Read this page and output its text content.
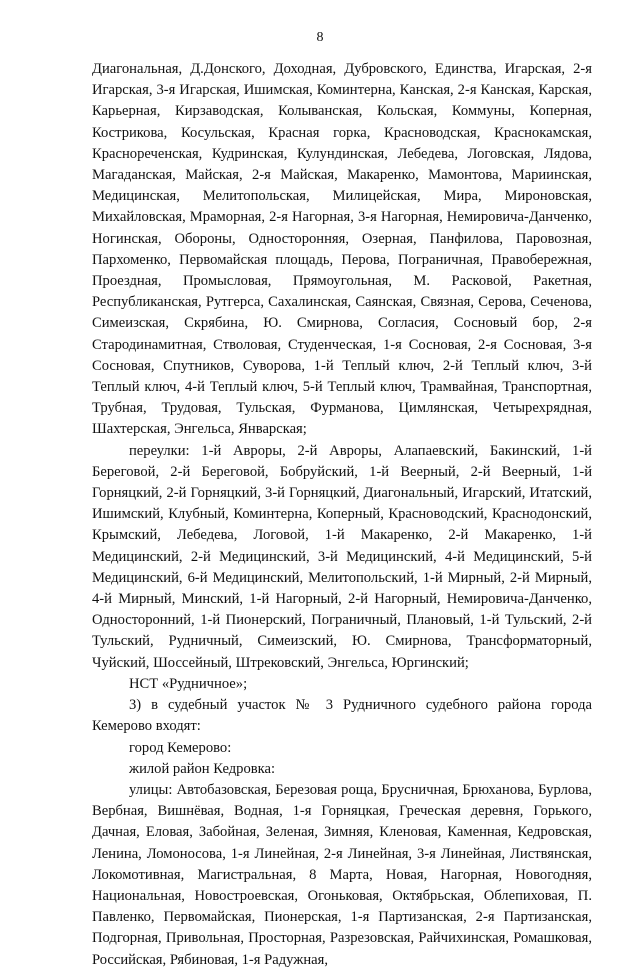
8

Диагональная, Д.Донского, Доходная, Дубровского, Единства, Игарская, 2-я Игарская, 3-я Игарская, Ишимская, Коминтерна, Канская, 2-я Канская, Карская, Карьерная, Кирзаводская, Колыванская, Кольская, Коммуны, Коперная, Кострикова, Косульская, Красная горка, Красноводская, Краснокамская, Краснореченская, Кудринская, Кулундинская, Лебедева, Логовская, Лядова, Магаданская, Майская, 2-я Майская, Макаренко, Мамонтова, Мариинская, Медицинская, Мелитопольская, Милицейская, Мира, Мироновская, Михайловская, Мраморная, 2-я Нагорная, 3-я Нагорная, Немировича-Данченко, Ногинская, Обороны, Односторонняя, Озерная, Панфилова, Паровозная, Пархоменко, Первомайская площадь, Перова, Пограничная, Правобережная, Проездная, Промысловая, Прямоугольная, М. Расковой, Ракетная, Республиканская, Рутгерса, Сахалинская, Саянская, Связная, Серова, Сеченова, Симеизская, Скрябина, Ю. Смирнова, Согласия, Сосновый бор, 2-я Стародинамитная, Стволовая, Студенческая, 1-я Сосновая, 2-я Сосновая, 3-я Сосновая, Спутников, Суворова, 1-й Теплый ключ, 2-й Теплый ключ, 3-й Теплый ключ, 4-й Теплый ключ, 5-й Теплый ключ, Трамвайная, Транспортная, Трубная, Трудовая, Тульская, Фурманова, Цимлянская, Четырехрядная, Шахтерская, Энгельса, Январская;

переулки: 1-й Авроры, 2-й Авроры, Алапаевский, Бакинский, 1-й Береговой, 2-й Береговой, Бобруйский, 1-й Веерный, 2-й Веерный, 1-й Горняцкий, 2-й Горняцкий, 3-й Горняцкий, Диагональный, Игарский, Итатский, Ишимский, Клубный, Коминтерна, Коперный, Красноводский, Краснодонский, Крымский, Лебедева, Логовой, 1-й Макаренко, 2-й Макаренко, 1-й Медицинский, 2-й Медицинский, 3-й Медицинский, 4-й Медицинский, 5-й Медицинский, 6-й Медицинский, Мелитопольский, 1-й Мирный, 2-й Мирный, 4-й Мирный, Минский, 1-й Нагорный, 2-й Нагорный, Немировича-Данченко, Односторонний, 1-й Пионерский, Пограничный, Плановый, 1-й Тульский, 2-й Тульский, Рудничный, Симеизский, Ю. Смирнова, Трансформаторный, Чуйский, Шоссейный, Штрековский, Энгельса, Юргинский;

НСТ «Рудничное»;

3) в судебный участок № 3 Рудничного судебного района города Кемерово входят:

город Кемерово:

жилой район Кедровка:

улицы: Автобазовская, Березовая роща, Брусничная, Брюханова, Бурлова, Вербная, Вишнёвая, Водная, 1-я Горняцкая, Греческая деревня, Горького, Дачная, Еловая, Забойная, Зеленая, Зимняя, Кленовая, Каменная, Кедровская, Ленина, Ломоносова, 1-я Линейная, 2-я Линейная, 3-я Линейная, Листвянская, Локомотивная, Магистральная, 8 Марта, Новая, Нагорная, Новогодняя, Национальная, Новостроевская, Огоньковая, Октябрьская, Облепиховая, П. Павленко, Первомайская, Пионерская, 1-я Партизанская, 2-я Партизанская, Подгорная, Привольная, Просторная, Разрезовская, Райчихинская, Ромашковая, Российская, Рябиновая, 1-я Радужная,
